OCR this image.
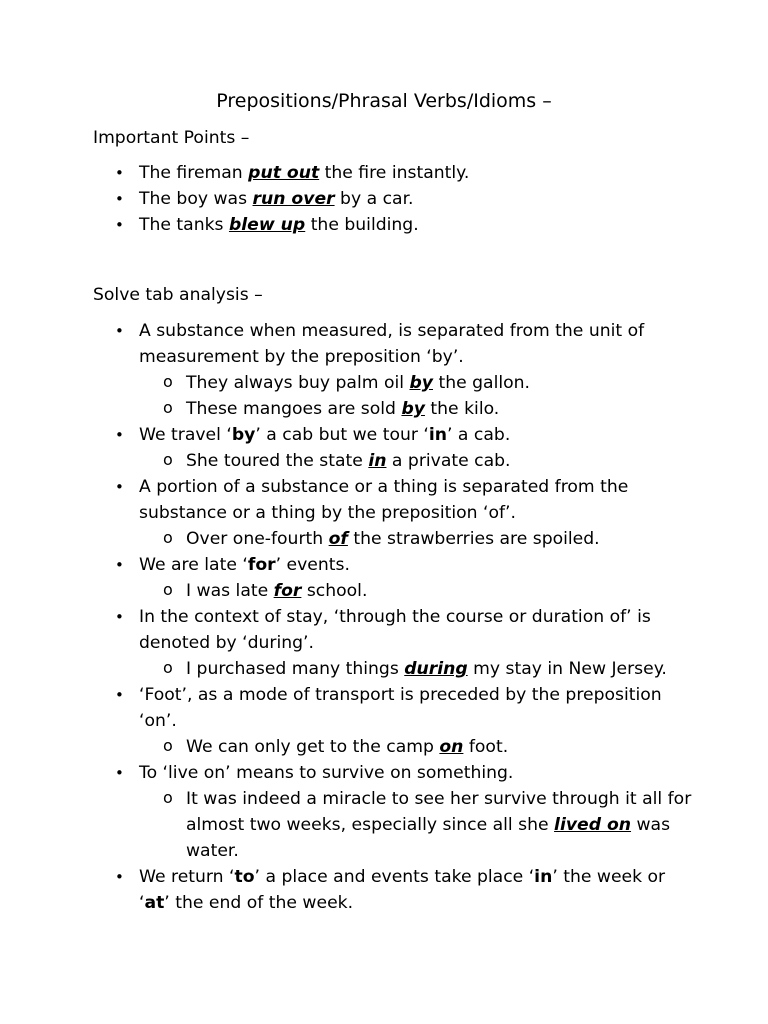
Prepositions/Phrasal Verbs/Idioms –
Important Points –
• The fireman put out the fire instantly.
• The boy was run over by a car.
• The tanks blew up the building.
Solve tab analysis –
• A substance when measured, is separated from the unit of measurement by the preposition ‘by’.
o They always buy palm oil by the gallon.
o These mangoes are sold by the kilo.
• We travel ‘by’ a cab but we tour ‘in’ a cab.
o She toured the state in a private cab.
• A portion of a substance or a thing is separated from the substance or a thing by the preposition ‘of’.
o Over one-fourth of the strawberries are spoiled.
• We are late ‘for’ events.
o I was late for school.
• In the context of stay, ‘through the course or duration of’ is denoted by ‘during’.
o I purchased many things during my stay in New Jersey.
• ‘Foot’, as a mode of transport is preceded by the preposition ‘on’.
o We can only get to the camp on foot.
• To ‘live on’ means to survive on something.
o It was indeed a miracle to see her survive through it all for almost two weeks, especially since all she lived on was water.
• We return ‘to’ a place and events take place ‘in’ the week or ‘at’ the end of the week.
